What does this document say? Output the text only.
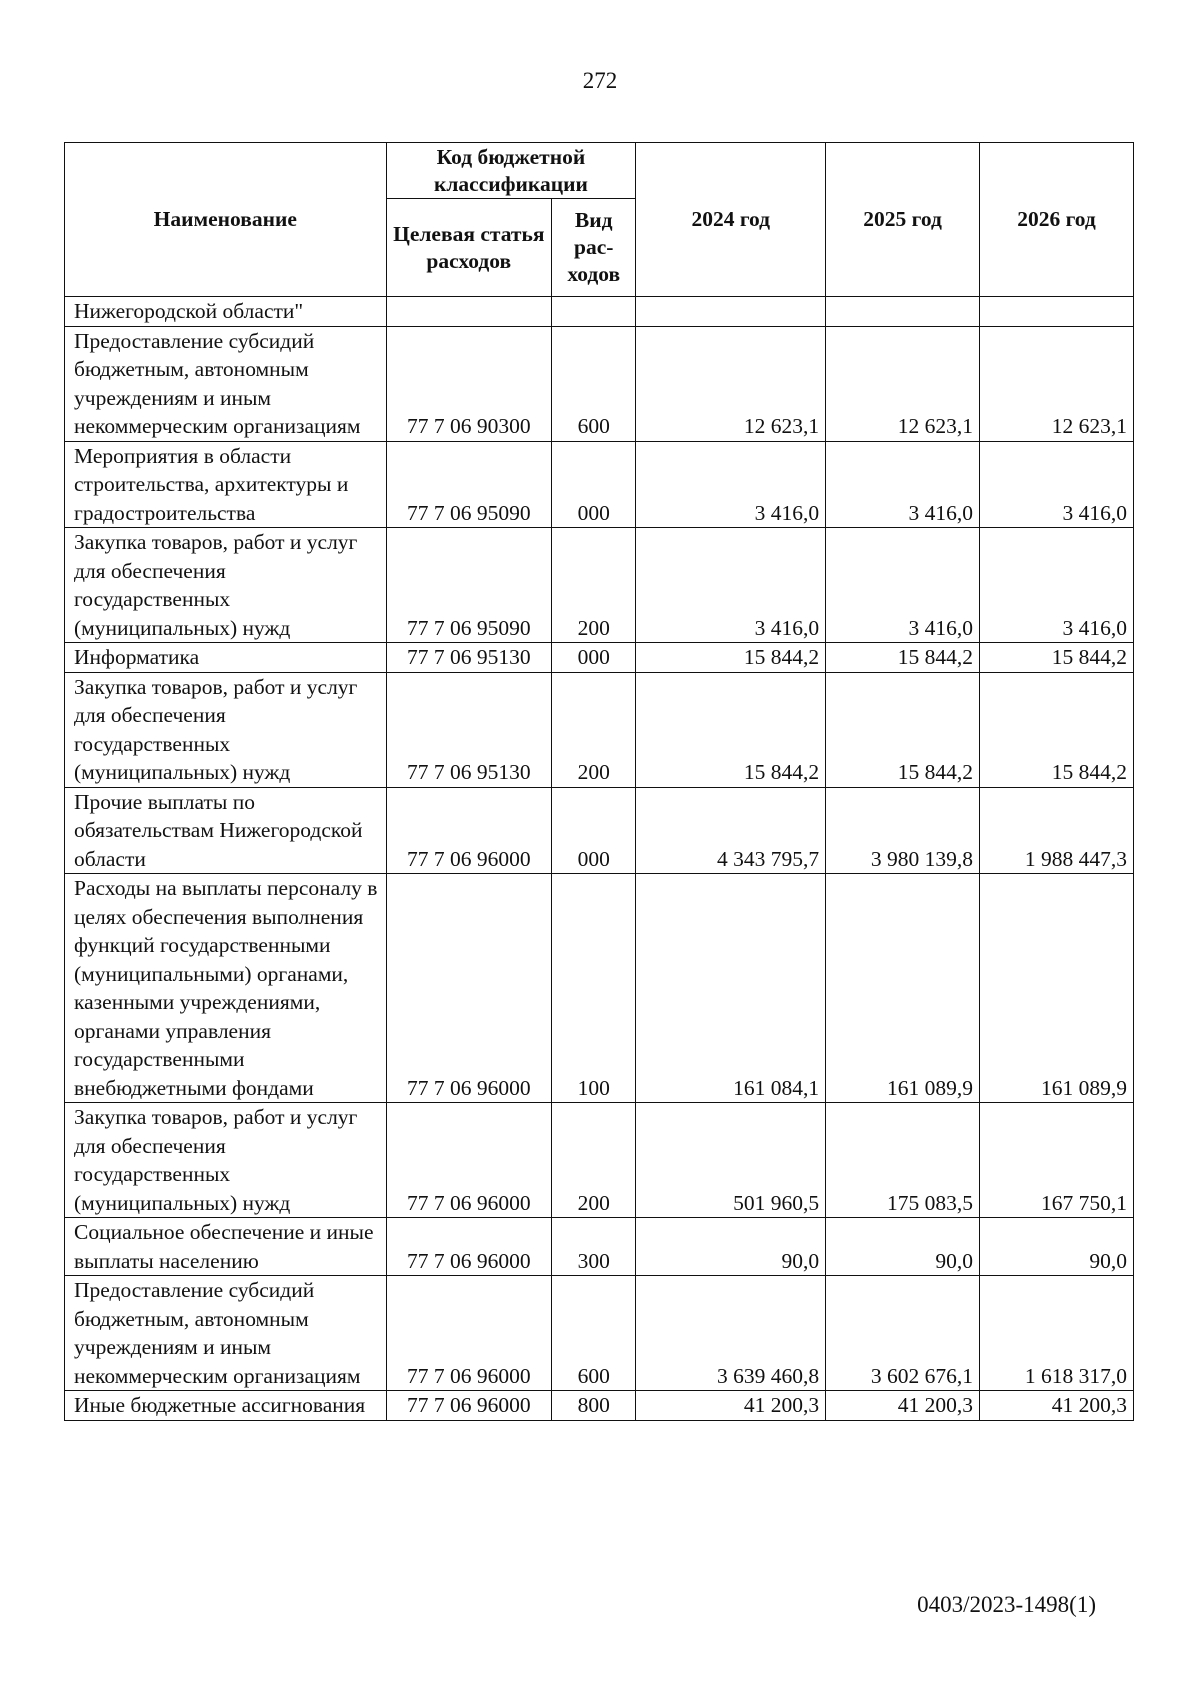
272
Наименование	Код бюджетной классификации		2024 год	2025 год	2026 год
	Целевая статья расходов	Вид рас-ходов			
Нижегородской области"					
Предоставление субсидий бюджетным, автономным учреждениям и иным некоммерческим организациям	77 7 06 90300	600	12 623,1	12 623,1	12 623,1
Мероприятия в области строительства, архитектуры и градостроительства	77 7 06 95090	000	3 416,0	3 416,0	3 416,0
Закупка товаров, работ и услуг для обеспечения государственных (муниципальных) нужд	77 7 06 95090	200	3 416,0	3 416,0	3 416,0
Информатика	77 7 06 95130	000	15 844,2	15 844,2	15 844,2
Закупка товаров, работ и услуг для обеспечения государственных (муниципальных) нужд	77 7 06 95130	200	15 844,2	15 844,2	15 844,2
Прочие выплаты по обязательствам Нижегородской области	77 7 06 96000	000	4 343 795,7	3 980 139,8	1 988 447,3
Расходы на выплаты персоналу в целях обеспечения выполнения функций государственными (муниципальными) органами, казенными учреждениями, органами управления государственными внебюджетными фондами	77 7 06 96000	100	161 084,1	161 089,9	161 089,9
Закупка товаров, работ и услуг для обеспечения государственных (муниципальных) нужд	77 7 06 96000	200	501 960,5	175 083,5	167 750,1
Социальное обеспечение и иные выплаты населению	77 7 06 96000	300	90,0	90,0	90,0
Предоставление субсидий бюджетным, автономным учреждениям и иным некоммерческим организациям	77 7 06 96000	600	3 639 460,8	3 602 676,1	1 618 317,0
Иные бюджетные ассигнования	77 7 06 96000	800	41 200,3	41 200,3	41 200,3
0403/2023-1498(1)
